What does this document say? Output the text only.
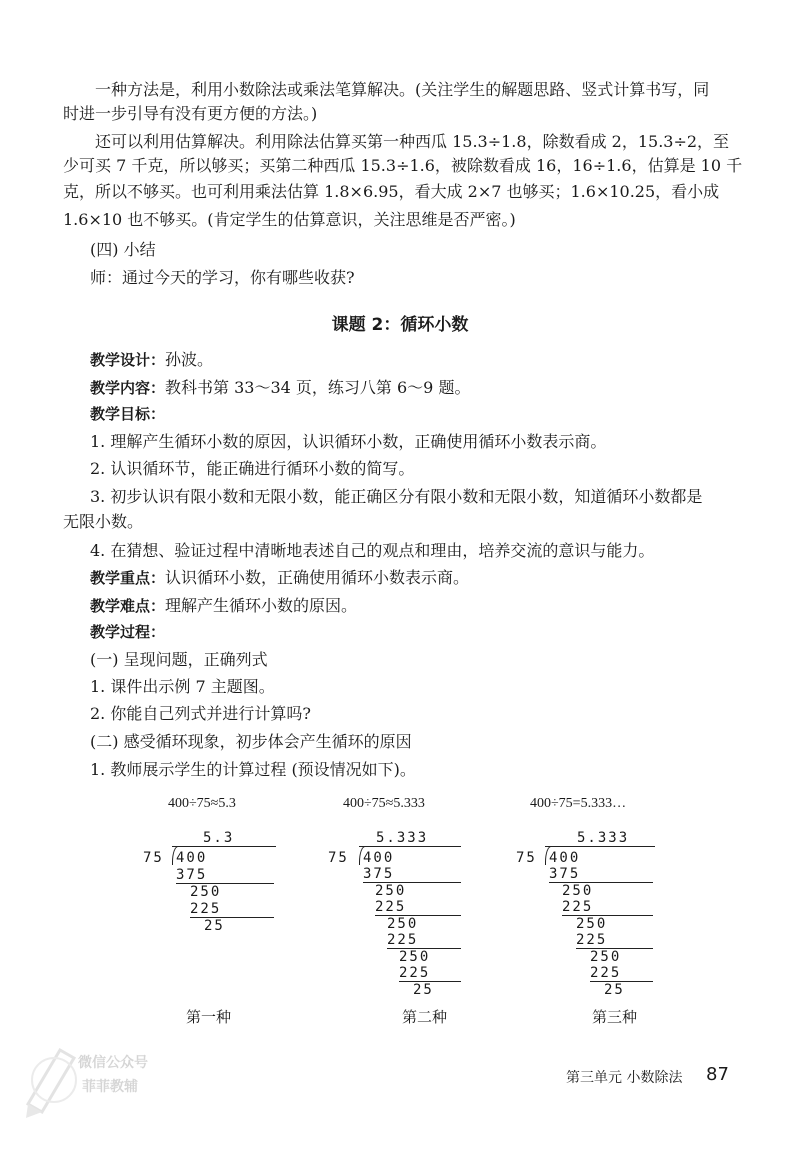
一种方法是，利用小数除法或乘法笔算解决。(关注学生的解题思路、竖式计算书写，同
时进一步引导有没有更方便的方法。)
还可以利用估算解决。利用除法估算买第一种西瓜 15.3÷1.8，除数看成 2，15.3÷2，至
少可买 7 千克，所以够买；买第二种西瓜 15.3÷1.6，被除数看成 16，16÷1.6，估算是 10 千
克，所以不够买。也可利用乘法估算 1.8×6.95，看大成 2×7 也够买；1.6×10.25，看小成
1.6×10 也不够买。(肯定学生的估算意识，关注思维是否严密。)
(四) 小结
师：通过今天的学习，你有哪些收获?
课题 2：循环小数
教学设计：孙波。
教学内容：教科书第 33～34 页，练习八第 6～9 题。
教学目标：
1. 理解产生循环小数的原因，认识循环小数，正确使用循环小数表示商。
2. 认识循环节，能正确进行循环小数的简写。
3. 初步认识有限小数和无限小数，能正确区分有限小数和无限小数，知道循环小数都是
无限小数。
4. 在猜想、验证过程中清晰地表述自己的观点和理由，培养交流的意识与能力。
教学重点：认识循环小数，正确使用循环小数表示商。
教学难点：理解产生循环小数的原因。
教学过程：
(一) 呈现问题，正确列式
1. 课件出示例 7 主题图。
2. 你能自己列式并进行计算吗?
(二) 感受循环现象，初步体会产生循环的原因
1. 教师展示学生的计算过程 (预设情况如下)。
400÷75≈5.3
5.3
75 400
375
250
225
25
第一种
400÷75≈5.333
5.333
75 400
375
250
225
250
225
250
225
25
第二种
400÷75=5.333…
5.333
75 400
375
250
225
250
225
250
225
25
第三种
微信公众号
菲菲教辅
第三单元 小数除法 87
